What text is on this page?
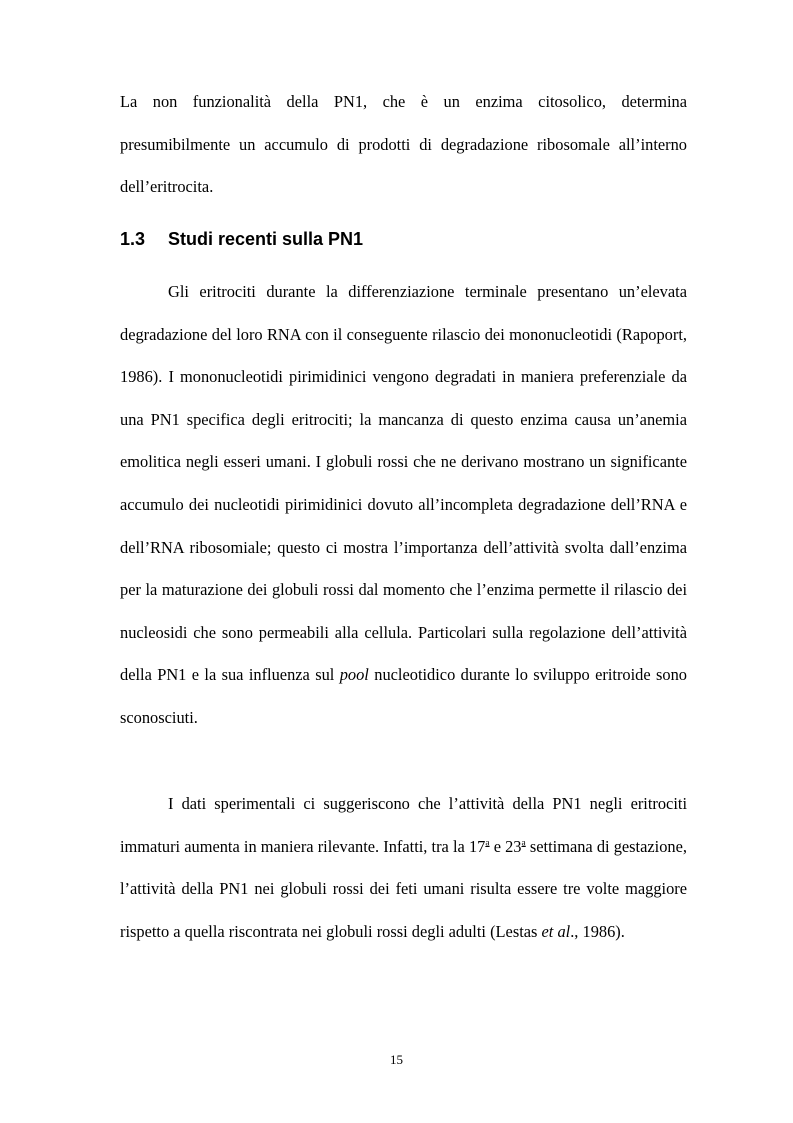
La non funzionalità della PN1, che è un enzima citosolico, determina presumibilmente un accumulo di prodotti di degradazione ribosomale all’interno dell’eritrocita.

1.3 Studi recenti sulla PN1

Gli eritrociti durante la differenziazione terminale presentano un’elevata degradazione del loro RNA con il conseguente rilascio dei mononucleotidi (Rapoport, 1986). I mononucleotidi pirimidinici vengono degradati in maniera preferenziale da una PN1 specifica degli eritrociti; la mancanza di questo enzima causa un’anemia emolitica negli esseri umani. I globuli rossi che ne derivano mostrano un significante accumulo dei nucleotidi pirimidinici dovuto all’incompleta degradazione dell’RNA e dell’RNA ribosomiale; questo ci mostra l’importanza dell’attività svolta dall’enzima per la maturazione dei globuli rossi dal momento che l’enzima permette il rilascio dei nucleosidi che sono permeabili alla cellula. Particolari sulla regolazione dell’attività della PN1 e la sua influenza sul pool nucleotidico durante lo sviluppo eritroide sono sconosciuti.

I dati sperimentali ci suggeriscono che l’attività della PN1 negli eritrociti immaturi aumenta in maniera rilevante. Infatti, tra la 17$^a$ e 23$^a$ settimana di gestazione, l’attività della PN1 nei globuli rossi dei feti umani risulta essere tre volte maggiore rispetto a quella riscontrata nei globuli rossi degli adulti (Lestas et al., 1986).

15
